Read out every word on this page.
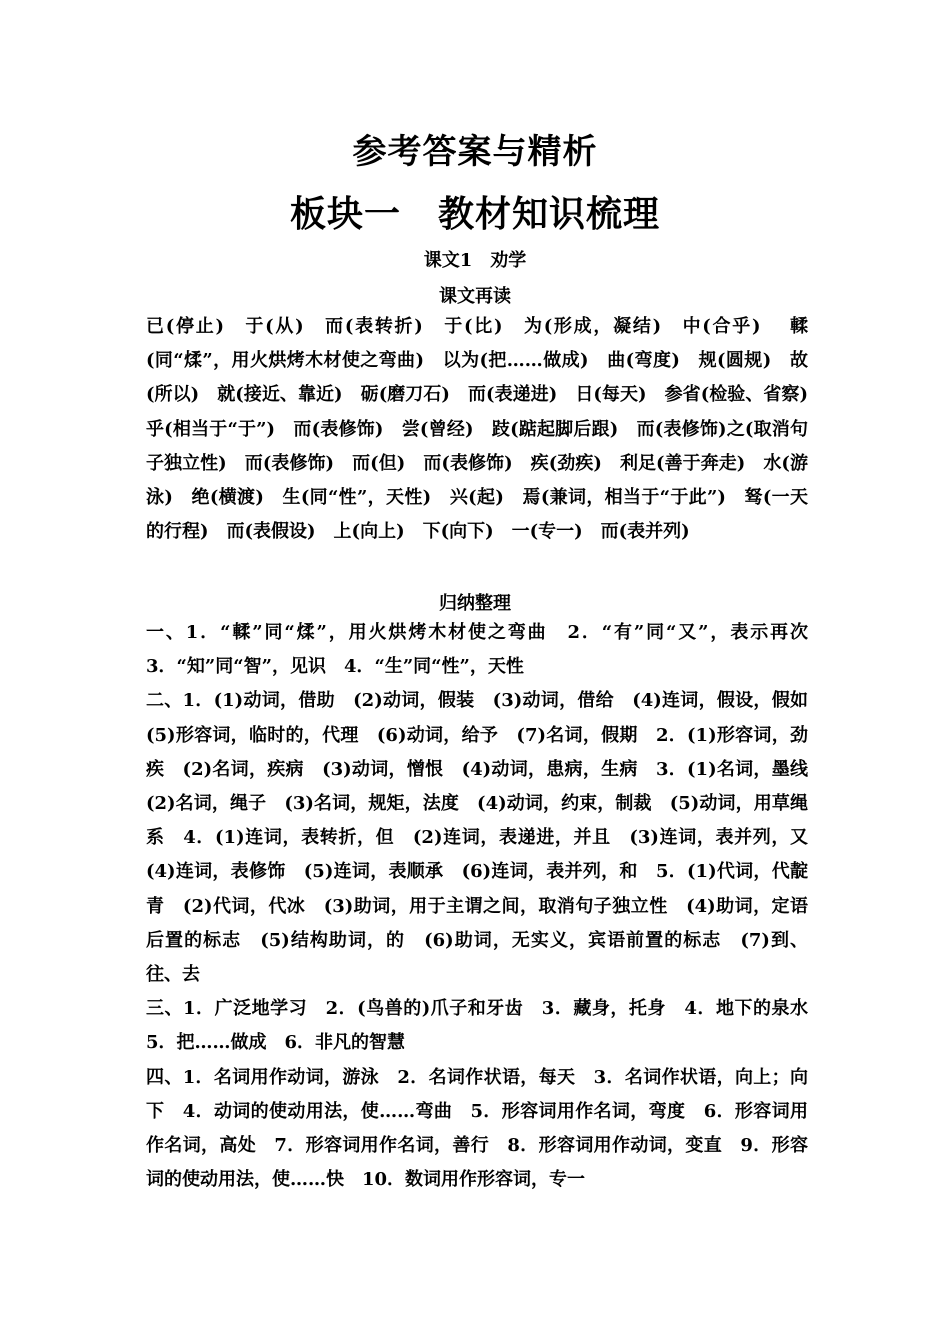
参考答案与精析
板块一　教材知识梳理
课文1　劝学
课文再读
已(停止)　于(从)　而(表转折)　于(比)　为(形成，凝结)　中(合乎)　 輮(同“煣”，用火烘烤木材使之弯曲)　以为(把……做成)　曲(弯度)　规(圆规)　故(所以)　就(接近、靠近)　砺(磨刀石)　而(表递进)　日(每天)　参省(检验、省察)　乎(相当于“于”)　而(表修饰)　尝(曾经)　跂(踮起脚后跟)　而(表修饰)之(取消句子独立性)　而(表修饰)　而(但)　而(表修饰)　疾(劲疾)　利足(善于奔走)　水(游泳)　绝(横渡)　生(同“性”，天性)　兴(起)　焉(兼词，相当于“于此”)　驽(一天的行程)　而(表假设)　上(向上)　下(向下)　一(专一)　而(表并列)
归纳整理
一、1．“輮”同“煣”，用火烘烤木材使之弯曲　2．“有”同“又”，表示再次　3．“知”同“智”，见识　4．“生”同“性”，天性
二、1．(1)动词，借助　(2)动词，假装　(3)动词，借给　(4)连词，假设，假如　(5)形容词，临时的，代理　(6)动词，给予　(7)名词，假期　2．(1)形容词，劲疾　(2)名词，疾病　(3)动词，憎恨　(4)动词，患病，生病　3．(1)名词，墨线　(2)名词，绳子　(3)名词，规矩，法度　(4)动词，约束，制裁　(5)动词，用草绳系　4．(1)连词，表转折，但　(2)连词，表递进，并且　(3)连词，表并列，又　(4)连词，表修饰　(5)连词，表顺承　(6)连词，表并列，和　5．(1)代词，代靛青　(2)代词，代冰　(3)助词，用于主谓之间，取消句子独立性　(4)助词，定语后置的标志　(5)结构助词，的　(6)助词，无实义，宾语前置的标志　(7)到、往、去
三、1．广泛地学习　2．(鸟兽的)爪子和牙齿　3．藏身，托身　4．地下的泉水　5．把……做成　6．非凡的智慧
四、1．名词用作动词，游泳　2．名词作状语，每天　3．名词作状语，向上；向下　4．动词的使动用法，使……弯曲　5．形容词用作名词，弯度　6．形容词用作名词，高处　7．形容词用作名词，善行　8．形容词用作动词，变直　9．形容词的使动用法，使……快　10．数词用作形容词，专一
